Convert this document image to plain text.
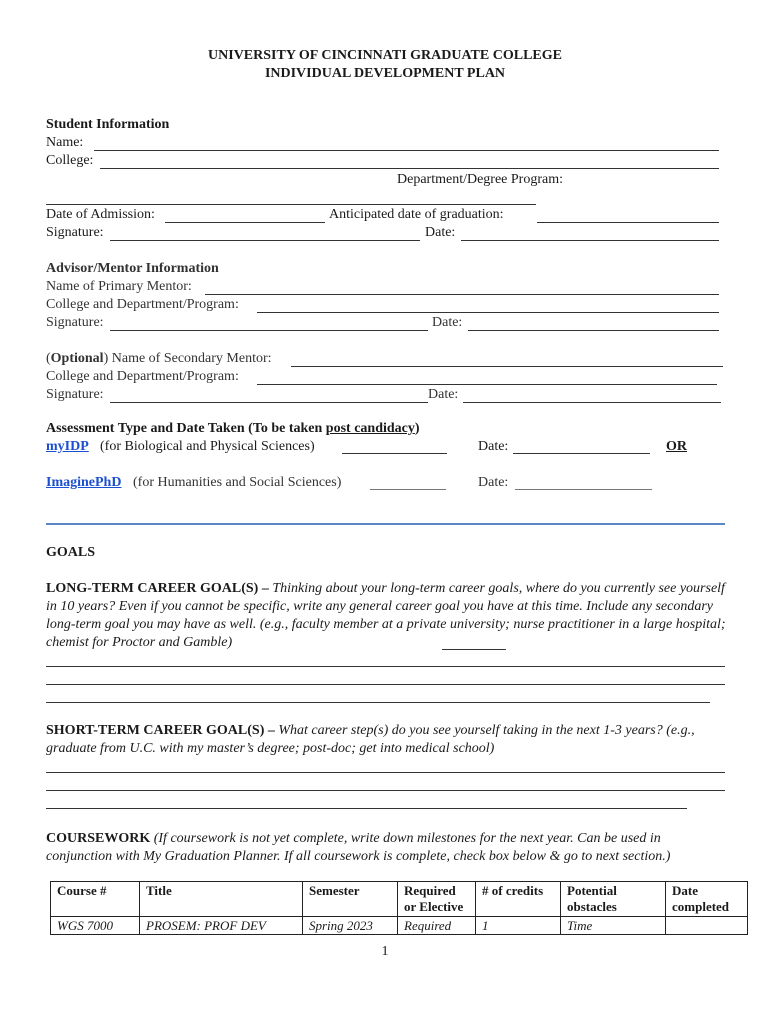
UNIVERSITY OF CINCINNATI GRADUATE COLLEGE
INDIVIDUAL DEVELOPMENT PLAN
Student Information
Name:
College:
Department/Degree Program:
Date of Admission:	Anticipated date of graduation:
Signature:	Date:
Advisor/Mentor Information
Name of Primary Mentor:
College and Department/Program:
Signature:	Date:
(Optional) Name of Secondary Mentor:
College and Department/Program:
Signature:	Date:
Assessment Type and Date Taken (To be taken post candidacy)
myIDP (for Biological and Physical Sciences)	Date:	OR
ImaginePhD (for Humanities and Social Sciences)	Date:
GOALS
LONG-TERM CAREER GOAL(S) – Thinking about your long-term career goals, where do you currently see yourself in 10 years? Even if you cannot be specific, write any general career goal you have at this time. Include any secondary long-term goal you may have as well. (e.g., faculty member at a private university; nurse practitioner in a large hospital; chemist for Proctor and Gamble)
SHORT-TERM CAREER GOAL(S) – What career step(s) do you see yourself taking in the next 1-3 years? (e.g., graduate from U.C. with my master’s degree; post-doc; get into medical school)
COURSEWORK (If coursework is not yet complete, write down milestones for the next year. Can be used in conjunction with My Graduation Planner. If all coursework is complete, check box below & go to next section.)
Course #	Title	Semester	Required or Elective	# of credits	Potential obstacles	Date completed
WGS 7000	PROSEM: PROF DEV	Spring 2023	Required	1	Time	
1
